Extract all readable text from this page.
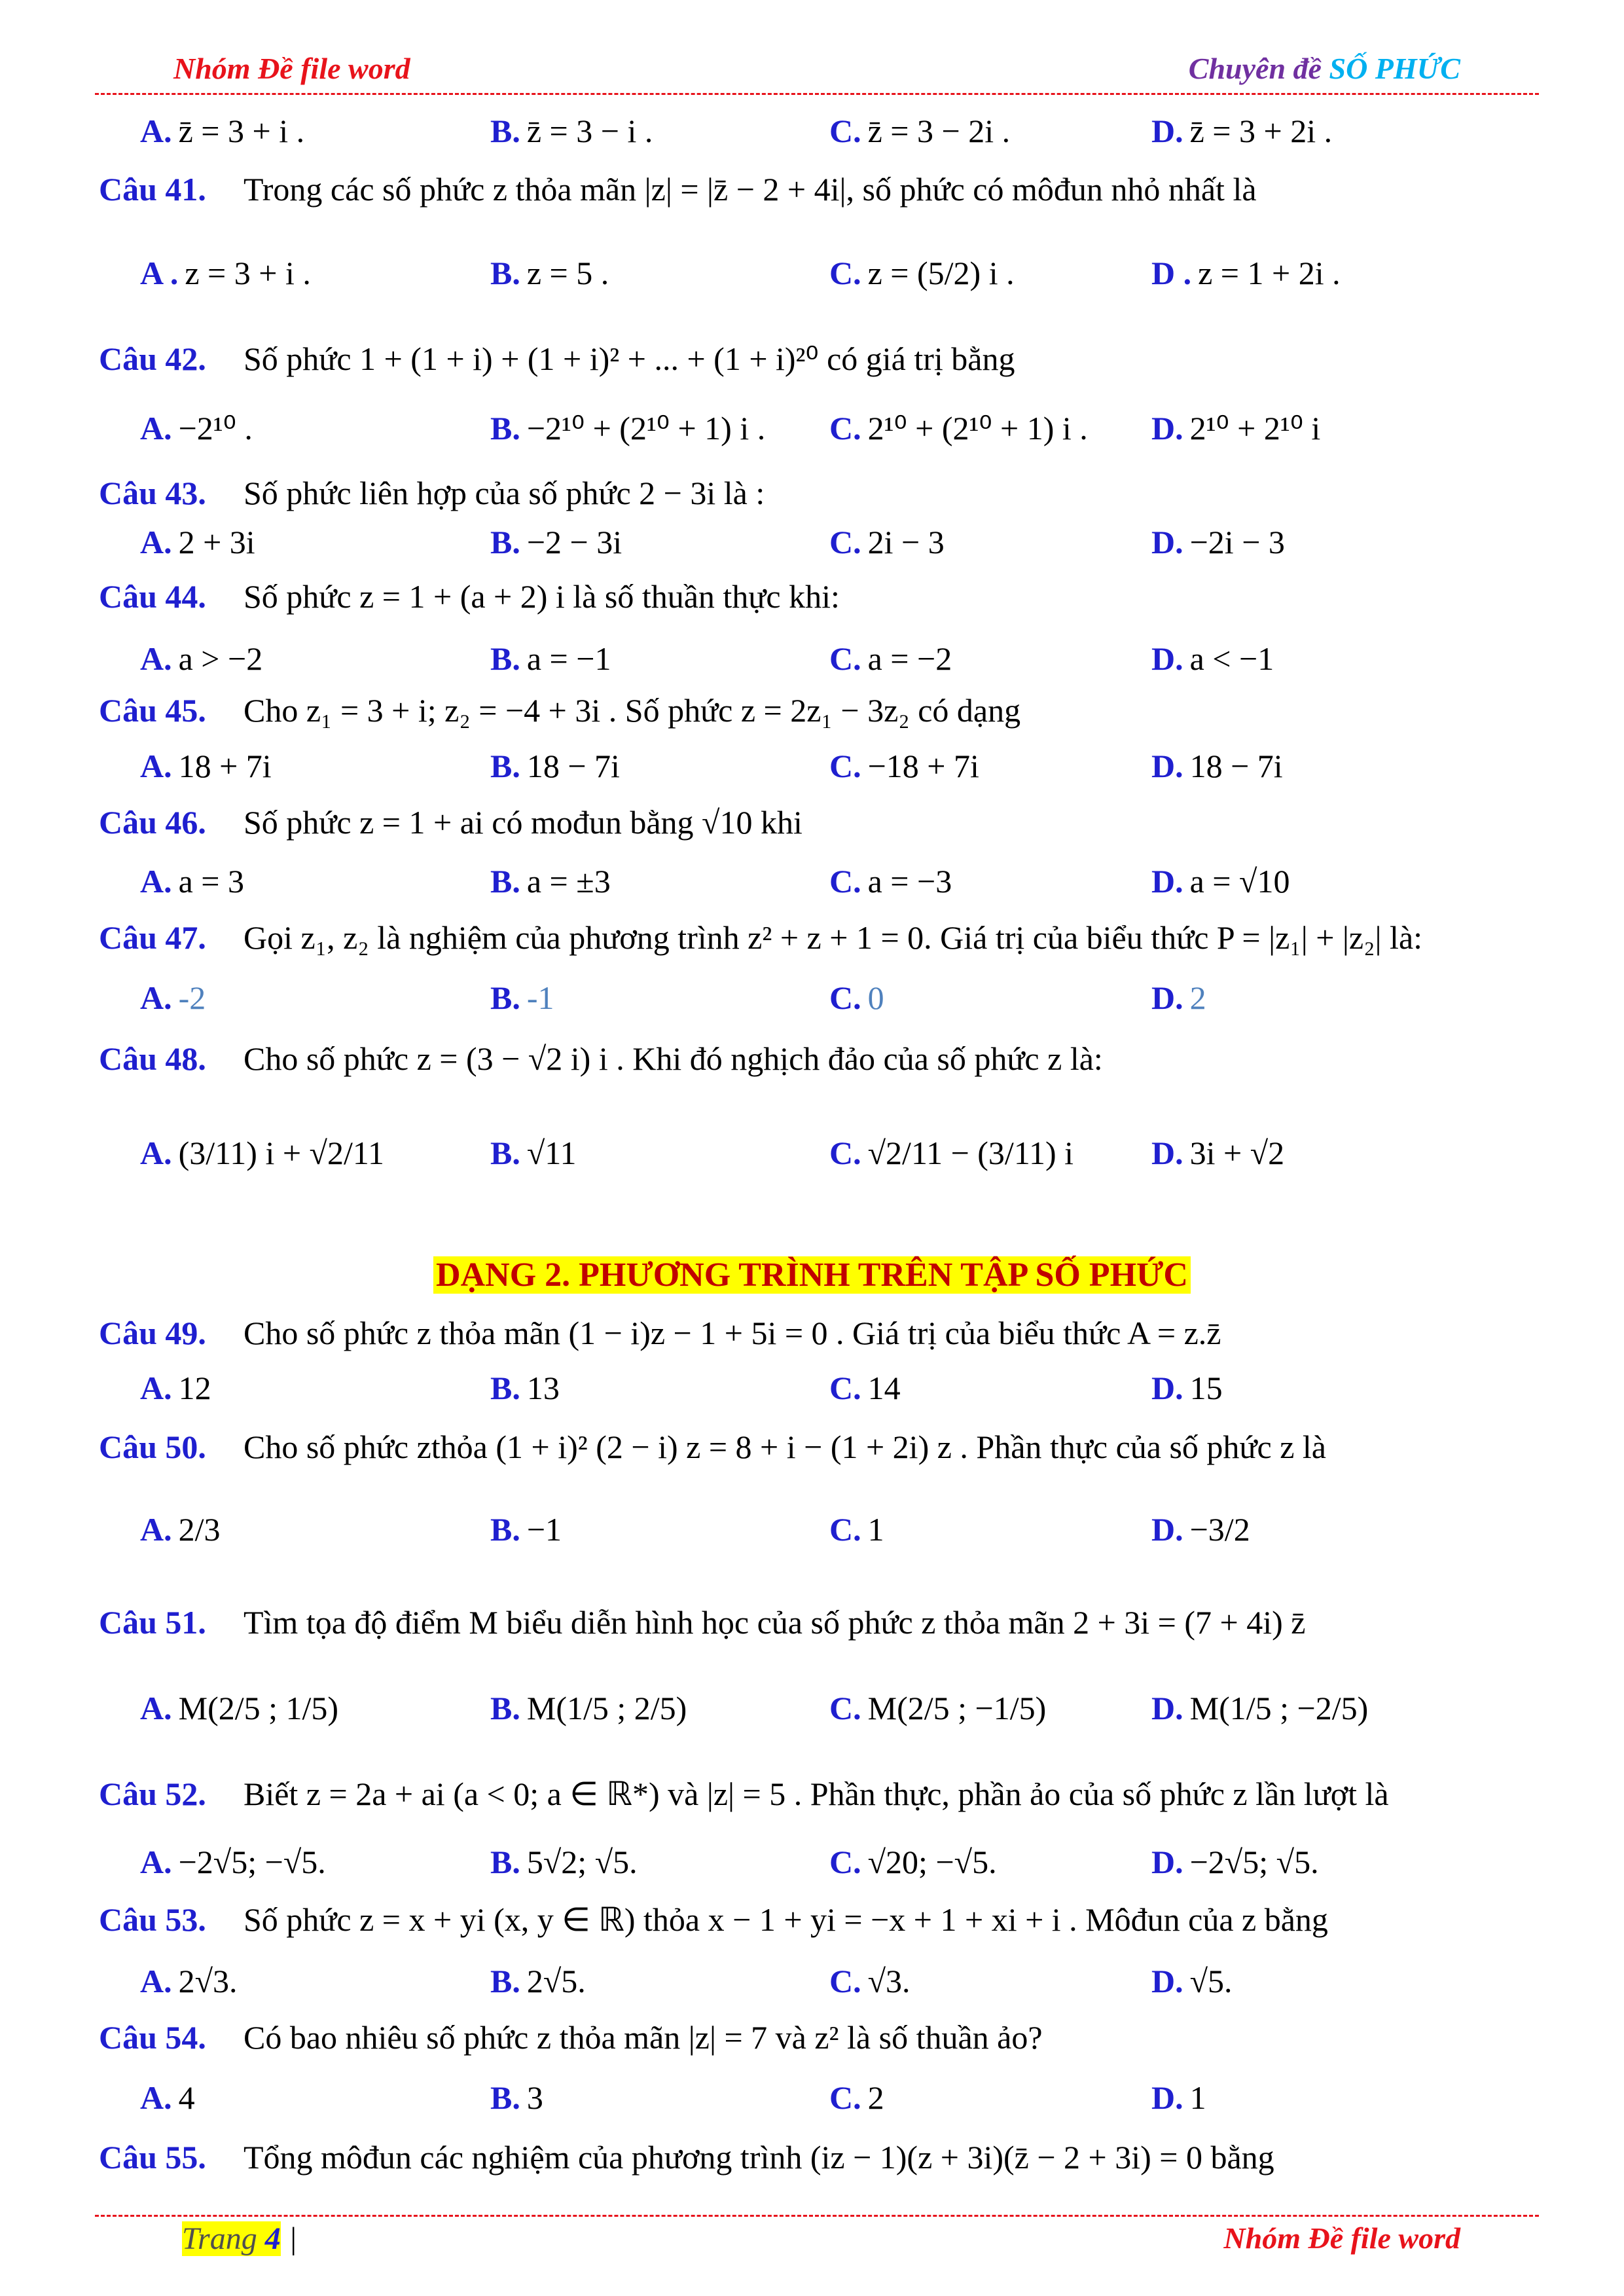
Nhóm Đề file word	Chuyên đề SỐ PHỨC
A. z̄ = 3 + i .	B. z̄ = 3 − i .	C. z̄ = 3 − 2i .	D. z̄ = 3 + 2i .
Câu 41. Trong các số phức z thỏa mãn |z| = |z̄ − 2 + 4i|, số phức có môđun nhỏ nhất là
A . z = 3 + i .	B. z = 5 .	C. z = (5/2) i .	D . z = 1 + 2i .
Câu 42. Số phức 1 + (1 + i) + (1 + i)² + ... + (1 + i)²⁰ có giá trị bằng
A. −2¹⁰ .	B. −2¹⁰ + (2¹⁰ + 1) i . C. 2¹⁰ + (2¹⁰ + 1) i . D. 2¹⁰ + 2¹⁰ i
Câu 43. Số phức liên hợp của số phức 2 − 3i là :
A. 2 + 3i	B. −2 − 3i	C. 2i − 3	D. −2i − 3
Câu 44. Số phức z = 1 + (a + 2) i là số thuần thực khi:
A. a > −2	B. a = −1	C. a = −2	D. a < −1
Câu 45. Cho z₁ = 3 + i; z₂ = −4 + 3i . Số phức z = 2z₁ − 3z₂ có dạng
A. 18 + 7i	B. 18 − 7i	C. −18 + 7i	D. 18 − 7i
Câu 46. Số phức z = 1 + ai có mođun bằng √10 khi
A. a = 3	B. a = ±3	C. a = −3	D. a = √10
Câu 47. Gọi z₁, z₂ là nghiệm của phương trình z² + z + 1 = 0. Giá trị của biểu thức P = |z₁| + |z₂| là:
A. -2	B. -1	C. 0	D. 2
Câu 48. Cho số phức z = (3 − √2 i) i . Khi đó nghịch đảo của số phức z là:
A. (3/11) i + √2/11	B. √11	C. √2/11 − (3/11) i D. 3i + √2
Câu 49. Cho số phức z thỏa mãn (1 − i)z − 1 + 5i = 0 . Giá trị của biểu thức A = z.z̄
A. 12	B. 13	C. 14	D. 15
Câu 50. Cho số phức zthỏa (1 + i)² (2 − i) z = 8 + i − (1 + 2i) z . Phần thực của số phức z là
A. 2/3	B. −1	C. 1	D. −3/2
Câu 51. Tìm tọa độ điểm M biểu diễn hình học của số phức z thỏa mãn 2 + 3i = (7 + 4i) z̄
A. M(2/5 ; 1/5)	B. M(1/5 ; 2/5)	C. M(2/5 ; −1/5)	D. M(1/5 ; −2/5)
Câu 52. Biết z = 2a + ai (a < 0; a ∈ ℝ*) và |z| = 5 . Phần thực, phần ảo của số phức z lần lượt là
A. −2√5; −√5.	B. 5√2; √5.	C. √20; −√5.	D. −2√5; √5.
Câu 53. Số phức z = x + yi (x, y ∈ ℝ) thỏa x − 1 + yi = −x + 1 + xi + i . Môđun của z bằng
A. 2√3.	B. 2√5.	C. √3.	D. √5.
Câu 54. Có bao nhiêu số phức z thỏa mãn |z| = 7 và z² là số thuần ảo?
A. 4	B. 3	C. 2	D. 1
Câu 55. Tổng môđun các nghiệm của phương trình (iz − 1)(z + 3i)(z̄ − 2 + 3i) = 0 bằng
DẠNG 2. PHƯƠNG TRÌNH TRÊN TẬP SỐ PHỨC
Trang 4 |	Nhóm Đề file word
